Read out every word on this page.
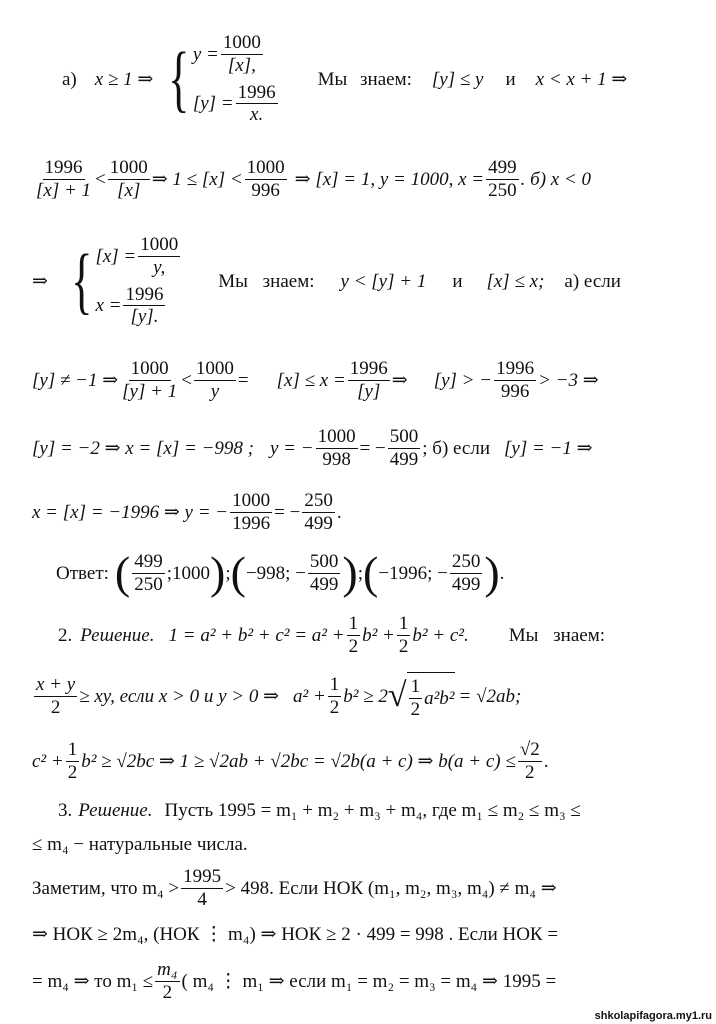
а) x ≥ 1 ⇒ { $y = \frac{1000}{[x],}$
$[y] = \frac{1996}{x.}$
Мы знаем: [y] ≤ y и x < x + 1 ⇒
1996
[x] + 1
<
1000
[x]
⇒ 1 ≤ [x] <
1000
996
⇒ [x] = 1, y = 1000, $x = \frac{499}{250}$ . б) x < 0
⇒ { $[x] = \frac{1000}{y,}$
$x = \frac{1996}{[y].}$
Мы знаем: y < [y] + 1 и [x] ≤ x; а) если
[y] ≠ −1 ⇒
1000
[y] + 1
< $\frac{1000}{y} = [x] \le x = \frac{1996}{[y]}$ ⇒ [y] > − $\frac{1996}{996} > -3$ ⇒
[y] = −2 ⇒ x = [x] = −998 ; y = − $\frac{1000}{998}$ = − $\frac{500}{499}$ ; б) если [y] = −1 ⇒
x = [x] = −1996 ⇒ y = − $\frac{1000}{1996}$ = − $\frac{250}{499}$ .
Ответ: ( 499
250
;1000 ) ; ( −998; − $\frac{500}{499}$ ) ; ( −1996; − $\frac{250}{499}$ ) .
2. Решение. $1 = a^2 + b^2 + c^2 = a^2 + \frac{1}{2} b^2 + \frac{1}{2} b^2 + c^2$. Мы знаем:
$\frac{x + y}{2}$ ≥ xy, если x > 0 и y > 0 ⇒ $a^2 + \frac{1}{2} b^2 \ge 2$ √ 1
2
a²b² = √2ab;
$c^2 + \frac{1}{2} b^2 \ge √2bc$ ⇒ 1 ≥ √2ab + √2bc = √2b(a + c) ⇒ $b(a + c) \le \frac{√2}{2}$ .
3. Решение. Пусть 1995 = m₁ + m₂ + m₃ + m₄, где m₁ ≤ m₂ ≤ m₃ ≤
≤ m₄ − натуральные числа.
Заметим, что m₄ >
1995
4
> 498. Если НОК (m₁, m₂, m₃, m₄) ≠ m₄ ⇒
⇒ НОК ≥ 2m₄, (НОК ⋮ m₄) ⇒ НОК ≥ 2 · 499 = 998 . Если НОК =
= m₄ ⇒ то $m_1 \le \frac{\text{m₄}}{2}$ ( m₄ ⋮ m₁ ⇒ если m₁ = m₂ = m₃ = m₄ ⇒ 1995 =
shkolapifagora.my1.ru
